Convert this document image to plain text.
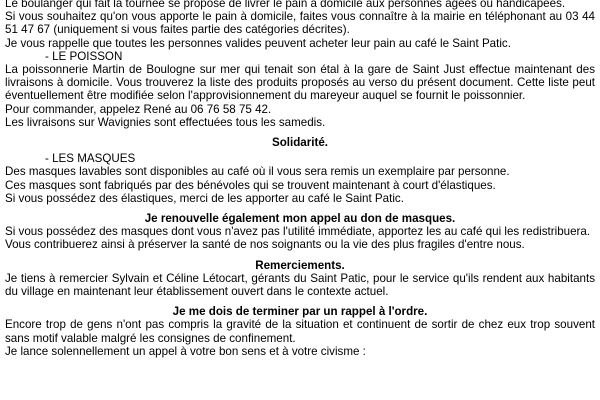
Le boulanger qui fait la tournée se propose de livrer le pain à domicile aux personnes âgées ou handicapées.

Si vous souhaitez qu'on vous apporte le pain à domicile, faites vous connaître à la mairie en téléphonant au 03 44 51 47 67 (uniquement si vous faites partie des catégories décrites).

Je vous rappelle que toutes les personnes valides peuvent acheter leur pain au café le Saint Patic.

- LE POISSON

La poissonnerie Martin de Boulogne sur mer qui tenait son étal à la gare de Saint Just effectue maintenant des livraisons à domicile. Vous trouverez la liste des produits proposés au verso du présent document. Cette liste peut éventuellement être modifiée selon l'approvisionnement du mareyeur auquel se fournit le poissonnier.

Pour commander, appelez René au 06 76 58 75 42.

Les livraisons sur Wavignies sont effectuées tous les samedis.

Solidarité.

- LES MASQUES

Des masques lavables sont disponibles au café où il vous sera remis un exemplaire par personne.

Ces masques sont fabriqués par des bénévoles qui se trouvent maintenant à court d'élastiques.

Si vous possédez des élastiques, merci de les apporter au café le Saint Patic.

Je renouvelle également mon appel au don de masques.

Si vous possédez des masques dont vous n'avez pas l'utilité immédiate, apportez les au café qui les redistribuera.

Vous contribuerez ainsi à préserver la santé de nos soignants ou la vie des plus fragiles d'entre nous.

Remerciements.

Je tiens à remercier Sylvain et Céline Létocart, gérants du Saint Patic, pour le service qu'ils rendent aux habitants du village en maintenant leur établissement ouvert dans le contexte actuel.

Je me dois de terminer par un rappel à l'ordre.

Encore trop de gens n'ont pas compris la gravité de la situation et continuent de sortir de chez eux trop souvent sans motif valable malgré les consignes de confinement.

Je lance solennellement un appel à votre bon sens et à votre civisme :
